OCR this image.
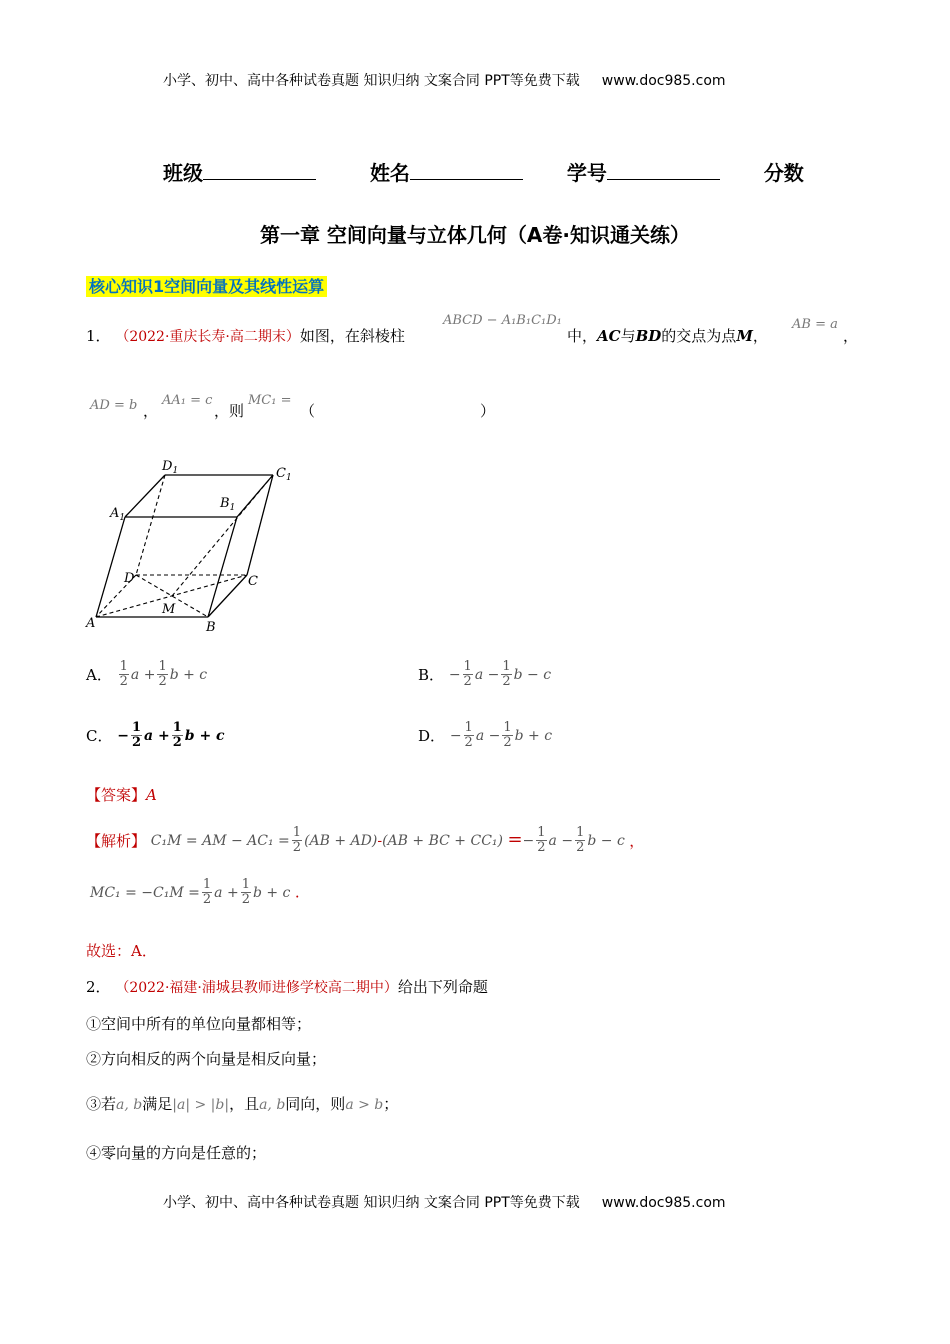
小学、初中、高中各种试卷真题 知识归纳 文案合同 PPT等免费下载 www.doc985.com
班级	姓名	学号	分数
第一章 空间向量与立体几何（A卷·知识通关练）
核心知识1空间向量及其线性运算
1． （2022·重庆长寿·高二期末）如图，在斜棱柱
ABCD − A₁B₁C₁D₁
中，AC与BD的交点为点M，
AB = a
，
AD = b ，
AA₁ = c
，则
MC₁ =
（	）
$D_1$	$C_1$
$A_1$
$B_1$
D	C
M
A	B
A． $\frac{1}{2}$ $a + \frac{1}{2}$ b + c	B． − $\frac{1}{2}$ $a - \frac{1}{2}$ b − c
C． − $\frac{1}{2}$ $a + \frac{1}{2}$ b + c	D． − $\frac{1}{2}$ $a - \frac{1}{2}$ b + c
【答案】A
【解析】 C₁M = AM − $AC_1 = \frac{1}{2} (AB + AD)-(AB$ + BC + $CC_1) =- \frac{1}{2}$ $a - \frac{1}{2}$ b − c ，
$MC_1 = -C_1M = \frac{1}{2}$ $a + \frac{1}{2}$ b + c .
故选：A．
2． （2022·福建·浦城县教师进修学校高二期中）给出下列命题
①空间中所有的单位向量都相等；
②方向相反的两个向量是相反向量；
③若a, b满足|a| > |b|，且a, b同向，则a > b；
④零向量的方向是任意的；
小学、初中、高中各种试卷真题 知识归纳 文案合同 PPT等免费下载 www.doc985.com
